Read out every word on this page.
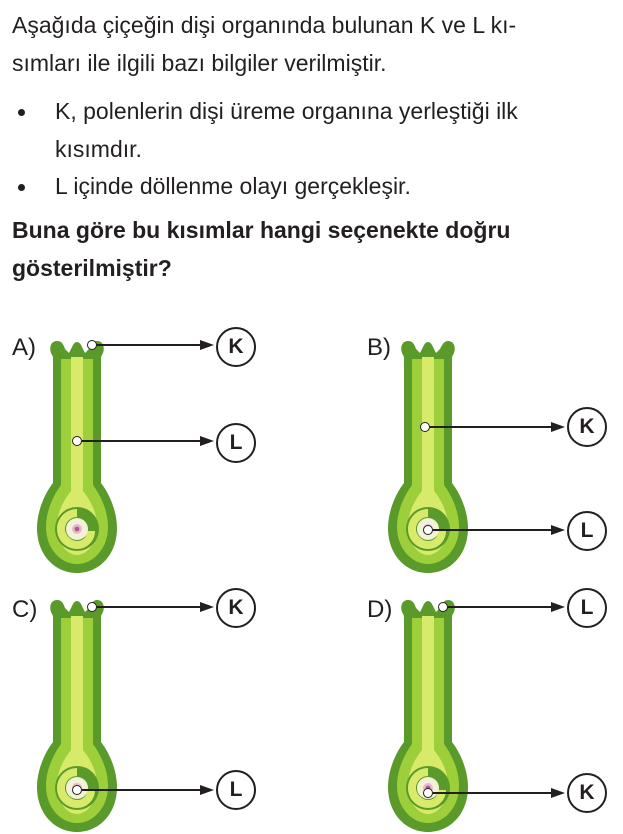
Aşağıda çiçeğin dişi organında bulunan K ve L kı-
sımları ile ilgili bazı bilgiler verilmiştir.
K, polenlerin dişi üreme organına yerleştiği ilk
kısımdır.
L içinde döllenme olayı gerçekleşir.
Buna göre bu kısımlar hangi seçenekte doğru
gösterilmiştir?
A)	K
L
B)
K
L
C)	K
L
D)	L
K
